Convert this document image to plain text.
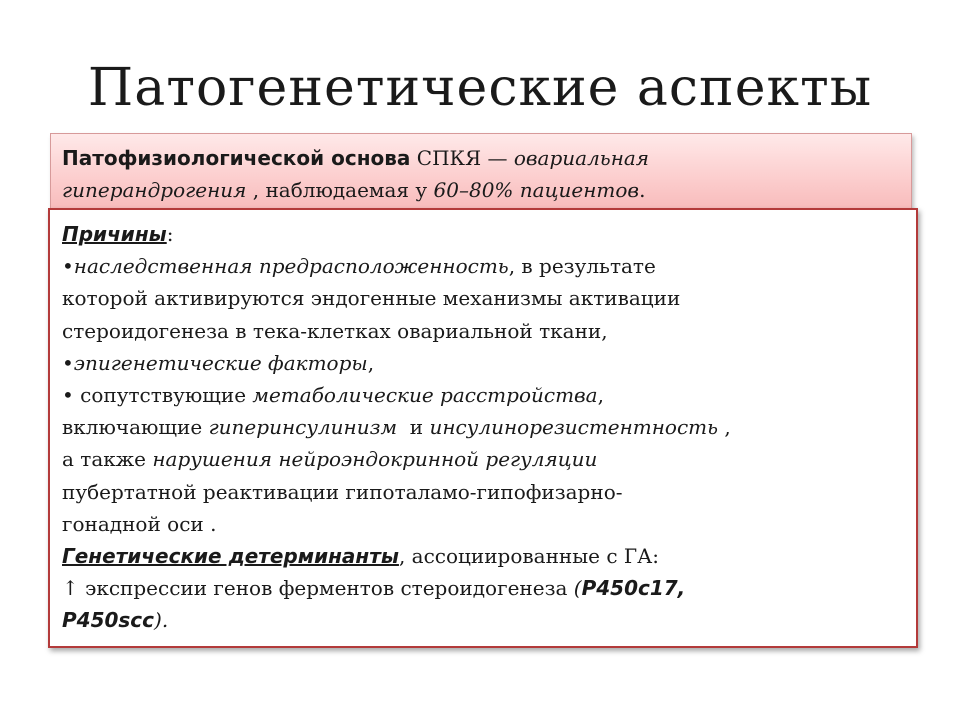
Патогенетические аспекты
Патофизиологической основа СПКЯ — овариальная
гиперандрогения , наблюдаемая у 60–80% пациентов.
Причины:
•наследственная предрасположенность, в результате
которой активируются эндогенные механизмы активации
стероидогенеза в тека-клетках овариальной ткани,
•эпигенетические факторы,
• сопутствующие метаболические расстройства,
включающие гиперинсулинизм  и инсулинорезистентность ,
а также нарушения нейроэндокринной регуляции
пубертатной реактивации гипоталамо-гипофизарно-
гонадной оси .
Генетические детерминанты, ассоциированные с ГА:
↑ экспрессии генов ферментов стероидогенеза (P450c17,
P450scc).
